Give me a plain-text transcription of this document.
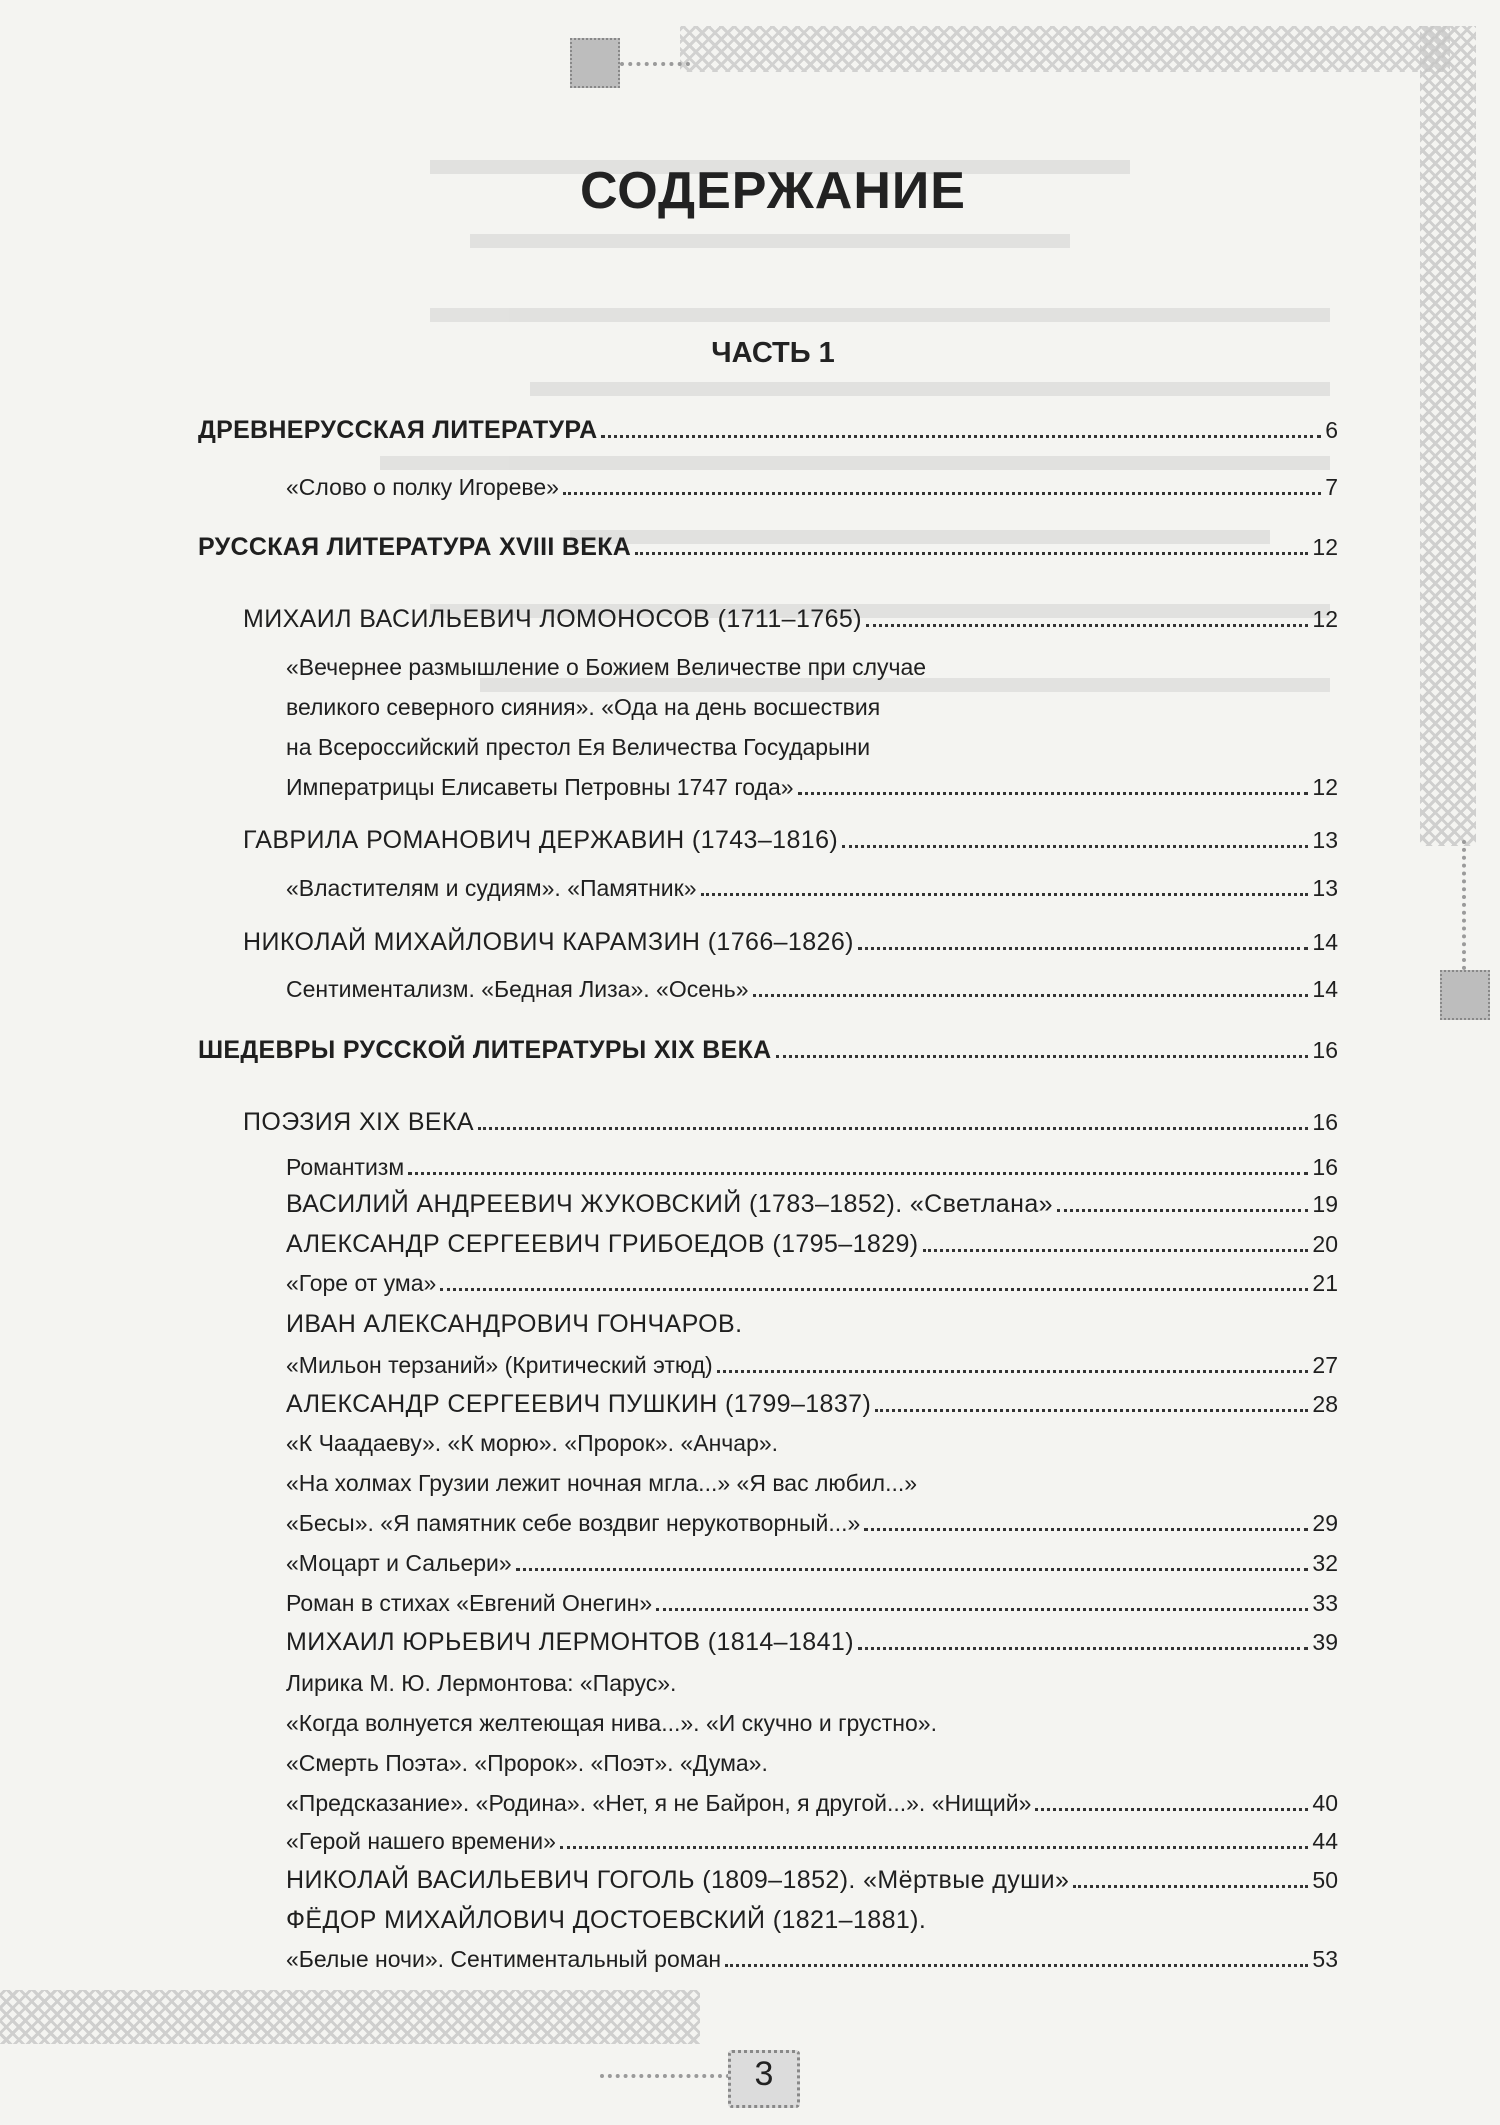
СОДЕРЖАНИЕ
ЧАСТЬ 1
ДРЕВНЕРУССКАЯ ЛИТЕРАТУРА	6
«Слово о полку Игореве»	7
РУССКАЯ ЛИТЕРАТУРА XVIII ВЕКА	12
МИХАИЛ ВАСИЛЬЕВИЧ ЛОМОНОСОВ (1711–1765)	12
«Вечернее размышление о Божием Величестве при случае
великого северного сияния». «Ода на день восшествия
на Всероссийский престол Ея Величества Государыни
Императрицы Елисаветы Петровны 1747 года»	12
ГАВРИЛА РОМАНОВИЧ ДЕРЖАВИН (1743–1816)	13
«Властителям и судиям». «Памятник»	13
НИКОЛАЙ МИХАЙЛОВИЧ КАРАМЗИН (1766–1826)	14
Сентиментализм. «Бедная Лиза». «Осень»	14
ШЕДЕВРЫ РУССКОЙ ЛИТЕРАТУРЫ XIX ВЕКА	16
ПОЭЗИЯ XIX ВЕКА	16
Романтизм	16
ВАСИЛИЙ АНДРЕЕВИЧ ЖУКОВСКИЙ (1783–1852). «Светлана»	19
АЛЕКСАНДР СЕРГЕЕВИЧ ГРИБОЕДОВ (1795–1829)	20
«Горе от ума»	21
ИВАН АЛЕКСАНДРОВИЧ ГОНЧАРОВ.
«Мильон терзаний» (Критический этюд)	27
АЛЕКСАНДР СЕРГЕЕВИЧ ПУШКИН (1799–1837)	28
«К Чаадаеву». «К морю». «Пророк». «Анчар».
«На холмах Грузии лежит ночная мгла...» «Я вас любил...»
«Бесы». «Я памятник себе воздвиг нерукотворный...»	29
«Моцарт и Сальери»	32
Роман в стихах «Евгений Онегин»	33
МИХАИЛ ЮРЬЕВИЧ ЛЕРМОНТОВ (1814–1841)	39
Лирика М. Ю. Лермонтова: «Парус».
«Когда волнуется желтеющая нива...». «И скучно и грустно».
«Смерть Поэта». «Пророк». «Поэт». «Дума».
«Предсказание». «Родина». «Нет, я не Байрон, я другой...». «Нищий»	40
«Герой нашего времени»	44
НИКОЛАЙ ВАСИЛЬЕВИЧ ГОГОЛЬ (1809–1852). «Мёртвые души»	50
ФЁДОР МИХАЙЛОВИЧ ДОСТОЕВСКИЙ (1821–1881).
«Белые ночи». Сентиментальный роман	53
3
